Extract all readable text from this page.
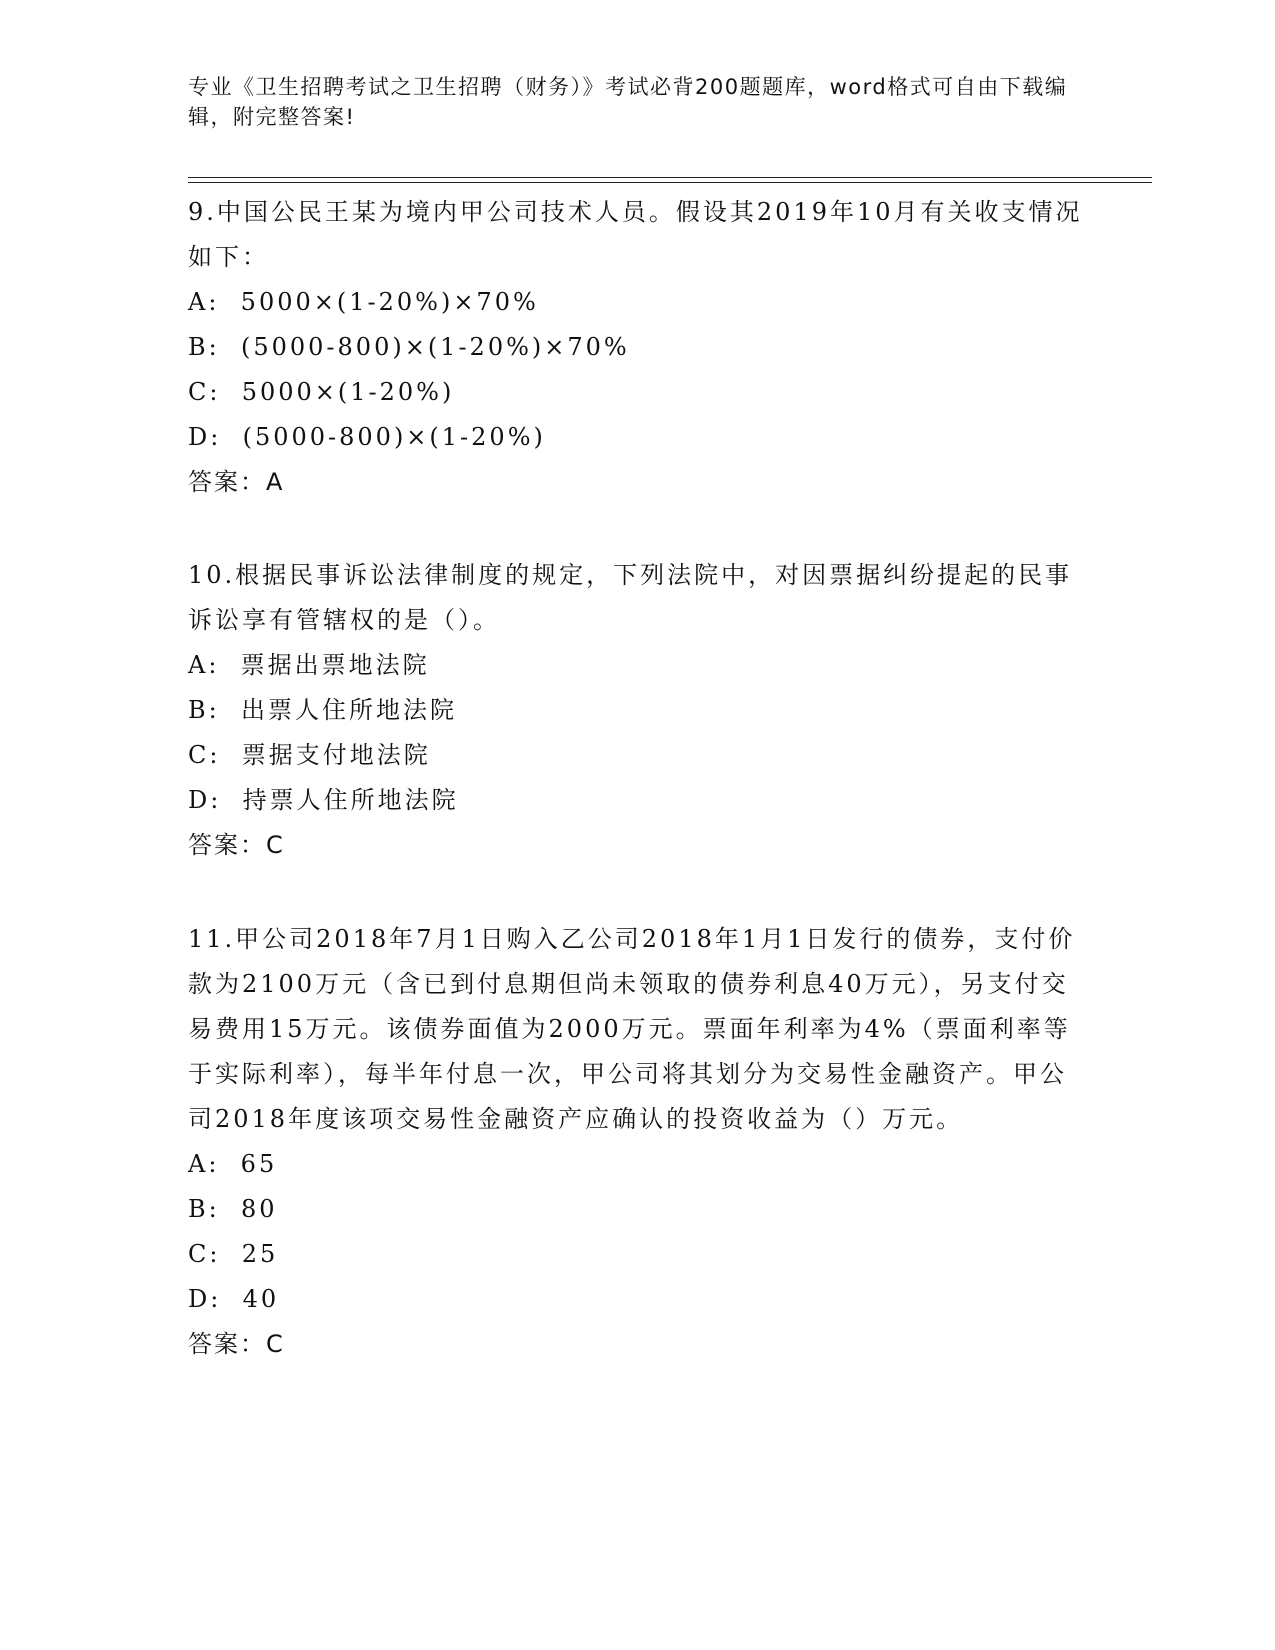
专业《卫生招聘考试之卫生招聘（财务）》考试必背200题题库，word格式可自由下载编辑，附完整答案!

9.中国公民王某为境内甲公司技术人员。假设其2019年10月有关收支情况如下：

A:  5000×(1-20%)×70%

B:  (5000-800)×(1-20%)×70%

C:  5000×(1-20%)

D:  (5000-800)×(1-20%)

答案：A

10.根据民事诉讼法律制度的规定，下列法院中，对因票据纠纷提起的民事诉讼享有管辖权的是（）。

A:  票据出票地法院

B:  出票人住所地法院

C:  票据支付地法院

D:  持票人住所地法院

答案：C

11.甲公司2018年7月1日购入乙公司2018年1月1日发行的债券，支付价款为2100万元（含已到付息期但尚未领取的债券利息40万元），另支付交易费用15万元。该债券面值为2000万元。票面年利率为4%（票面利率等于实际利率），每半年付息一次，甲公司将其划分为交易性金融资产。甲公司2018年度该项交易性金融资产应确认的投资收益为（）万元。

A:  65

B:  80

C:  25

D:  40

答案：C
